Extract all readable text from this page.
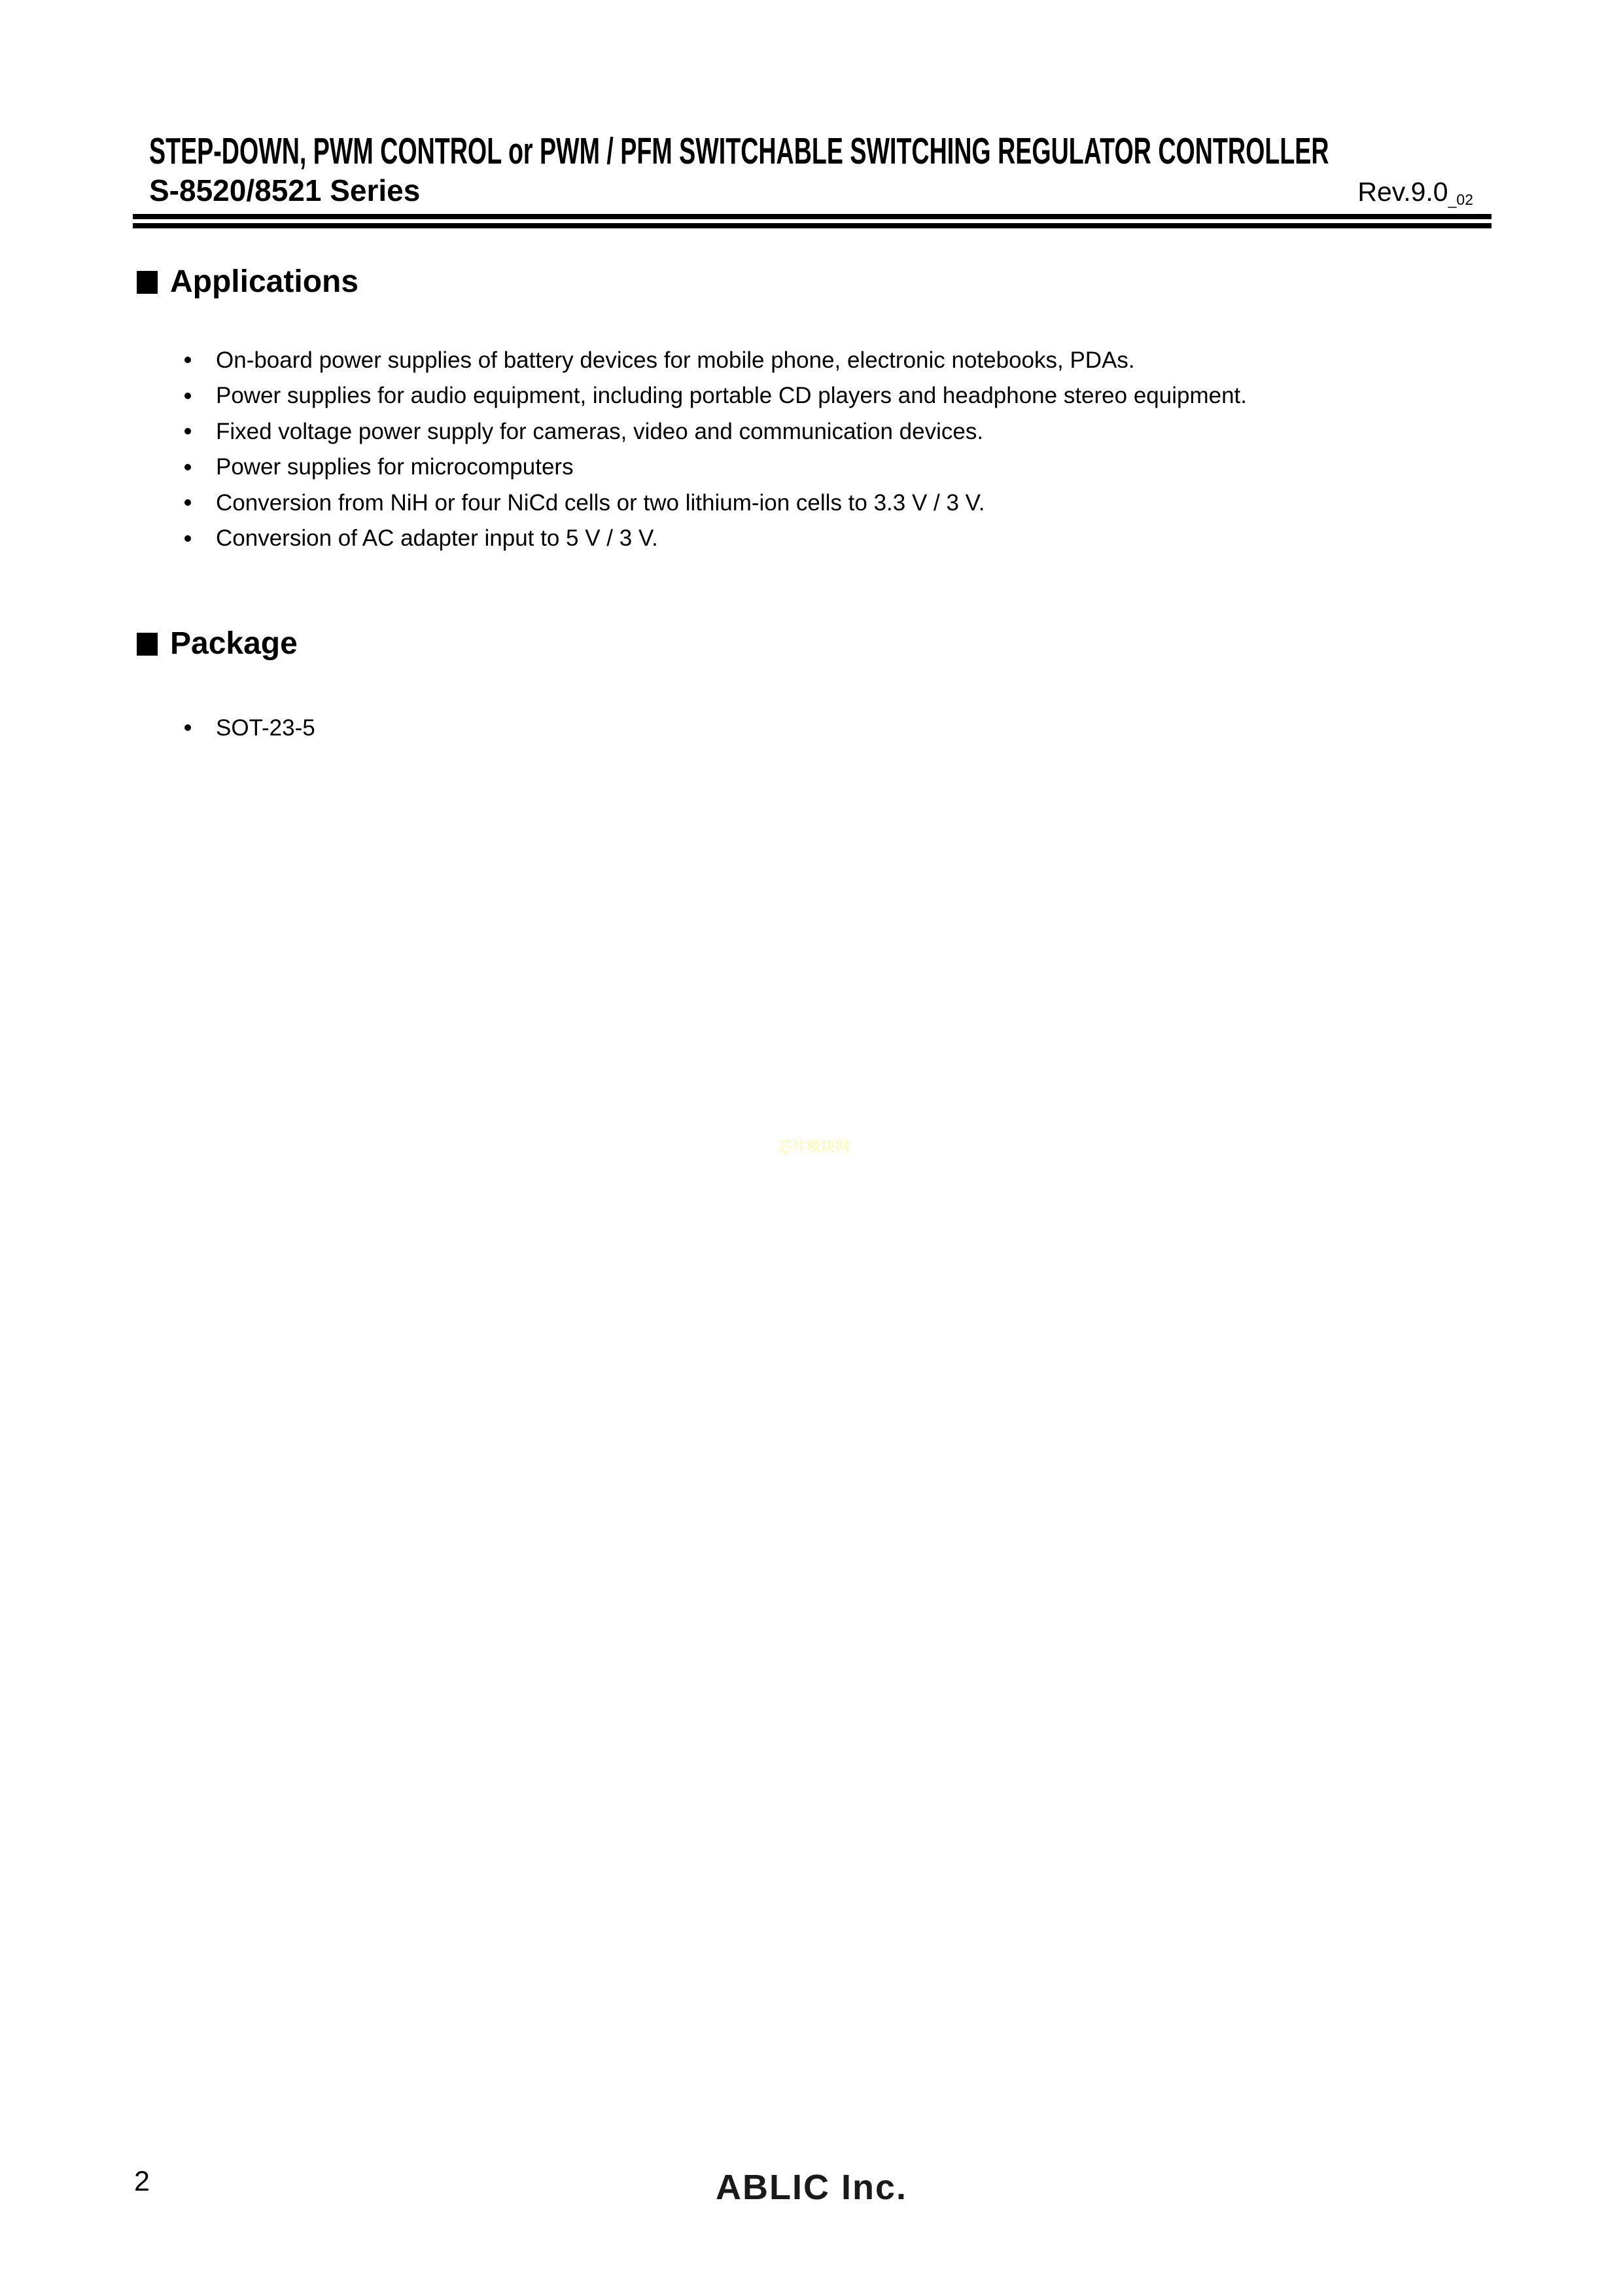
STEP-DOWN, PWM CONTROL or PWM / PFM SWITCHABLE SWITCHING REGULATOR CONTROLLER
S-8520/8521 Series	Rev.9.0_02
Applications
On-board power supplies of battery devices for mobile phone, electronic notebooks, PDAs.
Power supplies for audio equipment, including portable CD players and headphone stereo equipment.
Fixed voltage power supply for cameras, video and communication devices.
Power supplies for microcomputers
Conversion from NiH or four NiCd cells or two lithium-ion cells to 3.3 V / 3 V.
Conversion of AC adapter input to 5 V / 3 V.
Package
SOT-23-5
芯片模块网
2	ABLIC Inc.
